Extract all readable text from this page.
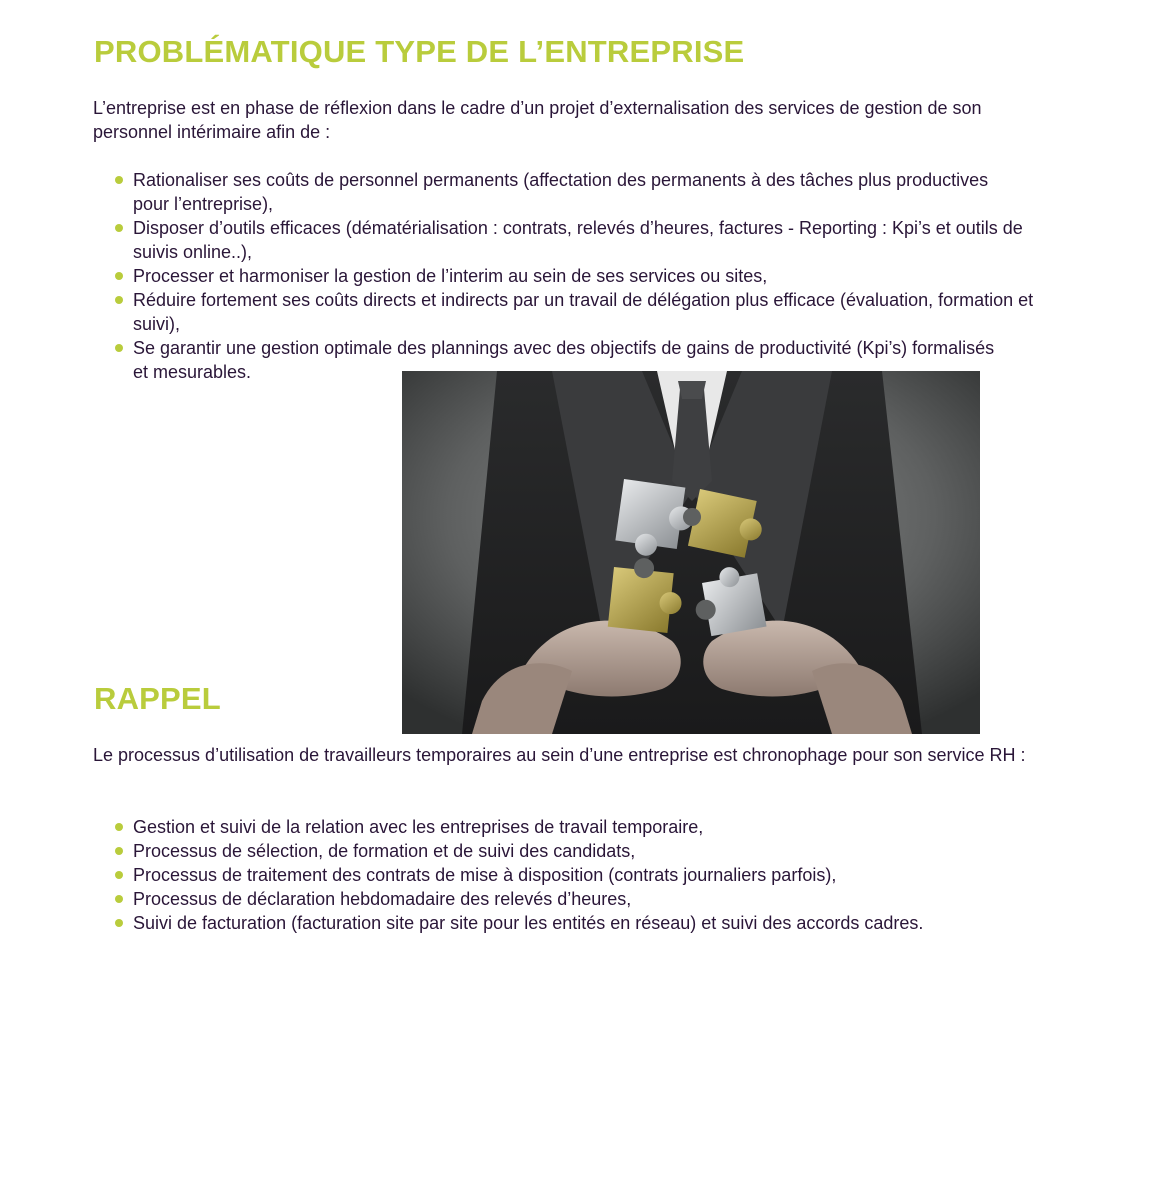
PROBLÉMATIQUE TYPE DE L’ENTREPRISE

L’entreprise est en phase de réflexion dans le cadre d’un projet d’externalisation des services de gestion de son personnel intérimaire afin de :

Rationaliser ses coûts de personnel permanents (affectation des permanents à des tâches plus productives pour l’entreprise),
Disposer d’outils efficaces (dématérialisation : contrats, relevés d’heures, factures - Reporting : Kpi’s et outils de suivis online..),
Processer et harmoniser la gestion de l’interim au sein de ses services ou sites,
Réduire fortement ses coûts directs et indirects par un travail de délégation plus efficace (évaluation, formation et suivi),
Se garantir une gestion optimale des plannings avec des objectifs de gains de productivité (Kpi’s) formalisés et mesurables.
RAPPEL

Le processus d’utilisation de travailleurs temporaires au sein d’une entreprise est chronophage pour son service RH :

Gestion et suivi de la relation avec les entreprises de travail temporaire,
Processus de sélection, de formation et de suivi des candidats,
Processus de traitement des contrats de mise à disposition (contrats journaliers parfois),
Processus de déclaration hebdomadaire des relevés d’heures,
Suivi de facturation (facturation site par site pour les entités en réseau) et suivi des accords cadres.
